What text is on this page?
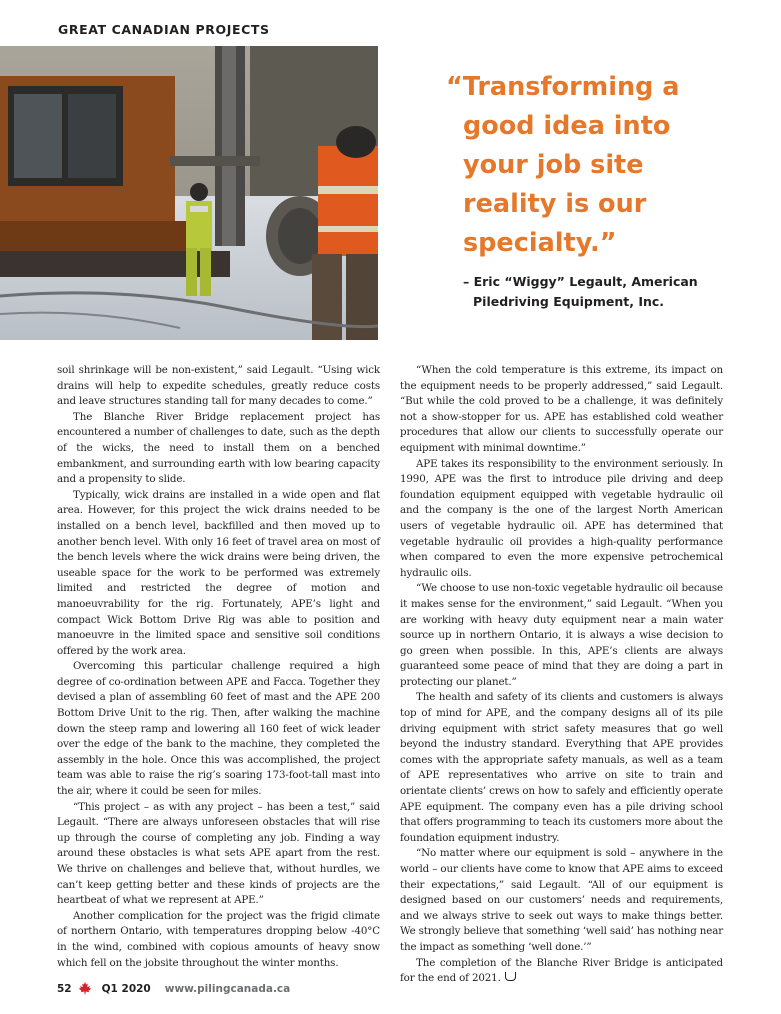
GREAT CANADIAN PROJECTS
“Transforming a
good idea into
your job site
reality is our
specialty.”
– Eric “Wiggy” Legault, American
Piledriving Equipment, Inc.

soil shrinkage will be non-existent,” said Legault. “Using wick drains will help to expedite schedules, greatly reduce costs and leave structures standing tall for many decades to come.”

The Blanche River Bridge replacement project has encountered a number of challenges to date, such as the depth of the wicks, the need to install them on a benched embankment, and surrounding earth with low bearing capacity and a propensity to slide.

Typically, wick drains are installed in a wide open and flat area. However, for this project the wick drains needed to be installed on a bench level, backfilled and then moved up to another bench level. With only 16 feet of travel area on most of the bench levels where the wick drains were being driven, the useable space for the work to be performed was extremely limited and restricted the degree of motion and manoeuvrability for the rig. Fortunately, APE’s light and compact Wick Bottom Drive Rig was able to position and manoeuvre in the limited space and sensitive soil conditions offered by the work area.

Overcoming this particular challenge required a high degree of co-ordination between APE and Facca. Together they devised a plan of assembling 60 feet of mast and the APE 200 Bottom Drive Unit to the rig. Then, after walking the machine down the steep ramp and lowering all 160 feet of wick leader over the edge of the bank to the machine, they completed the assembly in the hole. Once this was accomplished, the project team was able to raise the rig’s soaring 173-foot-tall mast into the air, where it could be seen for miles.

“This project – as with any project – has been a test,” said Legault. “There are always unforeseen obstacles that will rise up through the course of completing any job. Finding a way around these obstacles is what sets APE apart from the rest. We thrive on challenges and believe that, without hurdles, we can’t keep getting better and these kinds of projects are the heartbeat of what we represent at APE.”

Another complication for the project was the frigid climate of northern Ontario, with temperatures dropping below -40°C in the wind, combined with copious amounts of heavy snow which fell on the jobsite throughout the winter months.

“When the cold temperature is this extreme, its impact on the equipment needs to be properly addressed,” said Legault. “But while the cold proved to be a challenge, it was definitely not a show-stopper for us. APE has established cold weather procedures that allow our clients to successfully operate our equipment with minimal downtime.”

APE takes its responsibility to the environment seriously. In 1990, APE was the first to introduce pile driving and deep foundation equipment equipped with vegetable hydraulic oil and the company is the one of the largest North American users of vegetable hydraulic oil. APE has determined that vegetable hydraulic oil provides a high-quality performance when compared to even the more expensive petrochemical hydraulic oils.

“We choose to use non-toxic vegetable hydraulic oil because it makes sense for the environment,” said Legault. “When you are working with heavy duty equipment near a main water source up in northern Ontario, it is always a wise decision to go green when possible. In this, APE’s clients are always guaranteed some peace of mind that they are doing a part in protecting our planet.”

The health and safety of its clients and customers is always top of mind for APE, and the company designs all of its pile driving equipment with strict safety measures that go well beyond the industry standard. Everything that APE provides comes with the appropriate safety manuals, as well as a team of APE representatives who arrive on site to train and orientate clients’ crews on how to safely and efficiently operate APE equipment. The company even has a pile driving school that offers programming to teach its customers more about the foundation equipment industry.

“No matter where our equipment is sold – anywhere in the world – our clients have come to know that APE aims to exceed their expectations,” said Legault. “All of our equipment is designed based on our customers’ needs and requirements, and we always strive to seek out ways to make things better. We strongly believe that something ‘well said’ has nothing near the impact as something ‘well done.’”

The completion of the Blanche River Bridge is anticipated for the end of 2021.

52	Q1 2020 www.pilingcanada.ca
